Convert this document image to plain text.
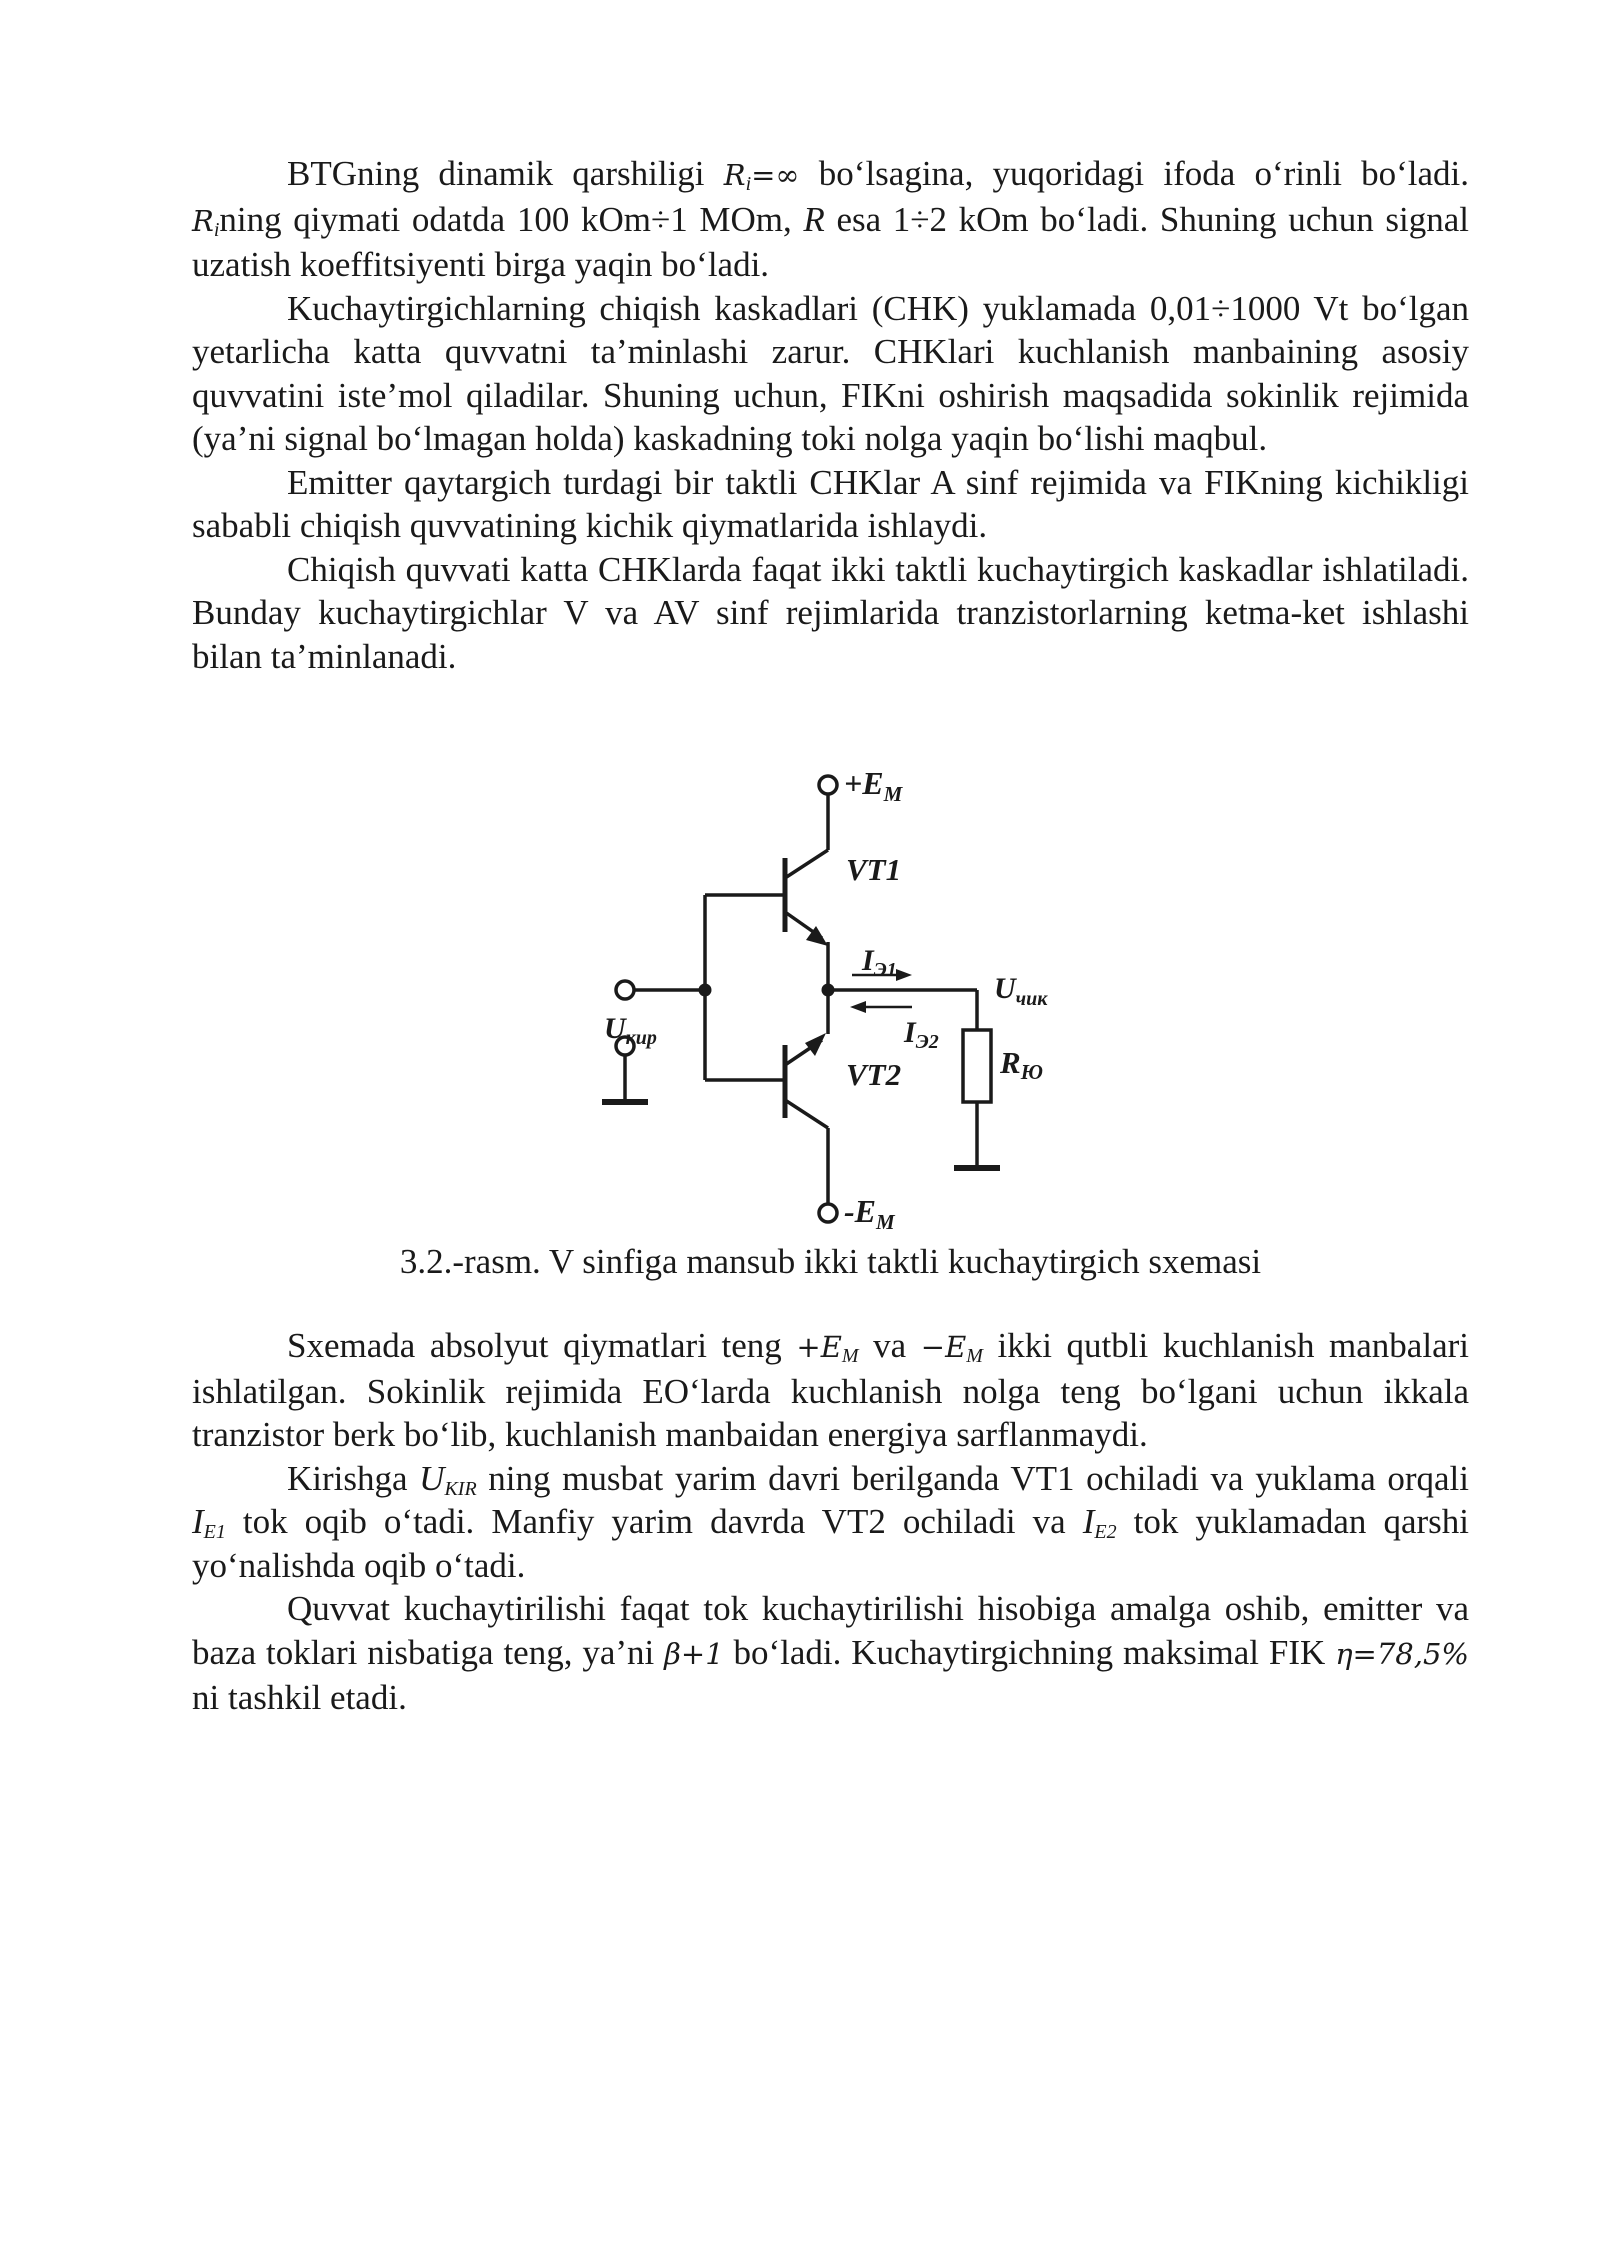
BTGning dinamik qarshiligi $R_i=\infty$ bo‘lsagina, yuqoridagi ifoda o‘rinli bo‘ladi. $R_ining$ qiymati odatda 100 kOm÷1 MOm, R esa 1÷2 kOm bo‘ladi. Shuning uchun signal uzatish koeffitsiyenti birga yaqin bo‘ladi.

Kuchaytirgichlarning chiqish kaskadlari (CHK) yuklamada 0,01÷1000 Vt bo‘lgan yetarlicha katta quvvatni ta’minlashi zarur. CHKlari kuchlanish manbaining asosiy quvvatini iste’mol qiladilar. Shuning uchun, FIKni oshirish maqsadida sokinlik rejimida (ya’ni signal bo‘lmagan holda) kaskadning toki nolga yaqin bo‘lishi maqbul.

Emitter qaytargich turdagi bir taktli CHKlar A sinf rejimida va FIKning kichikligi sababli chiqish quvvatining kichik qiymatlarida ishlaydi.

Chiqish quvvati katta CHKlarda faqat ikki taktli kuchaytirgich kaskadlar ishlatiladi. Bunday kuchaytirgichlar V va AV sinf rejimlarida tranzistorlarning ketma-ket ishlashi bilan ta’minlanadi.

$+E_M$
VT1
$I_{Э1}$
$U_{чик}$
$I_{Э2}$
$U_{кир}$
VT2	RЮ
$-E_M$
3.2.-rasm. V sinfiga mansub ikki taktli kuchaytirgich sxemasi

Sxemada absolyut qiymatlari teng $+E_M$ va $-E_M$ ikki qutbli kuchlanish manbalari ishlatilgan. Sokinlik rejimida EO‘larda kuchlanish nolga teng bo‘lgani uchun ikkala tranzistor berk bo‘lib, kuchlanish manbaidan energiya sarflanmaydi.

Kirishga $U_{KIR}$ ning musbat yarim davri berilganda VT1 ochiladi va yuklama orqali $I_{E1}$ tok oqib o‘tadi. Manfiy yarim davrda VT2 ochiladi va $I_{E2}$ tok yuklamadan qarshi yo‘nalishda oqib o‘tadi.

Quvvat kuchaytirilishi faqat tok kuchaytirilishi hisobiga amalga oshib, emitter va baza toklari nisbatiga teng, ya’ni β+1 bo‘ladi. Kuchaytirgichning maksimal FIK η=78,5% ni tashkil etadi.
